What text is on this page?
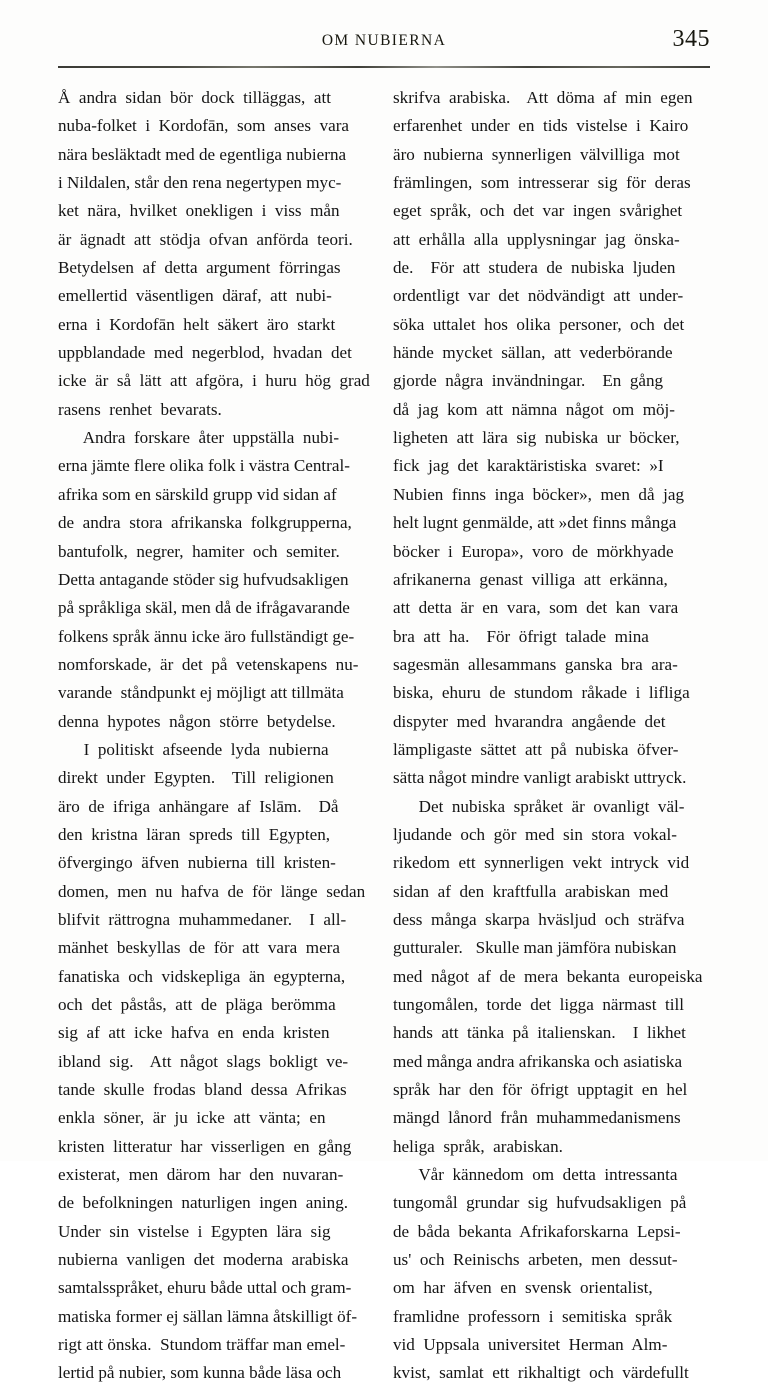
OM NUBIERNA	345
Å  andra  sidan  bör  dock  tilläggas,  att
nuba-folket  i  Kordofān,  som  anses  vara
nära besläktadt med de egentliga nubierna
i Nildalen, står den rena negertypen myc-
ket  nära,  hvilket  onekligen  i  viss  mån
är  ägnadt  att  stödja  ofvan  anförda  teori.
Betydelsen  af  detta  argument  förringas
emellertid  väsentligen  däraf,  att  nubi-
erna  i  Kordofān  helt  säkert  äro  starkt
uppblandade  med  negerblod,  hvadan  det
icke  är  så  lätt  att  afgöra,  i  huru  hög  grad
rasens  renhet  bevarats.
Andra  forskare  åter  uppställa  nubi-
erna jämte flere olika folk i västra Central-
afrika som en särskild grupp vid sidan af
de  andra  stora  afrikanska  folkgrupperna,
bantufolk,  negrer,  hamiter  och  semiter.
Detta antagande stöder sig hufvudsakligen
på språkliga skäl, men då de ifrågavarande
folkens språk ännu icke äro fullständigt ge-
nomforskade,  är  det  på  vetenskapens  nu-
varande  ståndpunkt ej möjligt att tillmäta
denna  hypotes  någon  större  betydelse.
I  politiskt  afseende  lyda  nubierna
direkt  under  Egypten.    Till  religionen
äro  de  ifriga  anhängare  af  Islām.    Då
den  kristna  läran  spreds  till  Egypten,
öfvergingo  äfven  nubierna  till  kristen-
domen,  men  nu  hafva  de  för  länge  sedan
blifvit  rättrogna  muhammedaner.    I  all-
mänhet  beskyllas  de  för  att  vara  mera
fanatiska  och  vidskepliga  än  egypterna,
och  det  påstås,  att  de  pläga  berömma
sig  af  att  icke  hafva  en  enda  kristen
ibland  sig.    Att  något  slags  bokligt  ve-
tande  skulle  frodas  bland  dessa  Afrikas
enkla  söner,  är  ju  icke  att  vänta;  en
kristen  litteratur  har  visserligen  en  gång
existerat,  men  därom  har  den  nuvaran-
de  befolkningen  naturligen  ingen  aning.
Under  sin  vistelse  i  Egypten  lära  sig
nubierna  vanligen  det  moderna  arabiska
samtalsspråket, ehuru både uttal och gram-
matiska former ej sällan lämna åtskilligt öf-
rigt att önska.  Stundom träffar man emel-
lertid på nubier, som kunna både läsa och
skrifva  arabiska.    Att  döma  af  min  egen
erfarenhet  under  en  tids  vistelse  i  Kairo
äro  nubierna  synnerligen  välvilliga  mot
främlingen,  som  intresserar  sig  för  deras
eget  språk,  och  det  var  ingen  svårighet
att  erhålla  alla  upplysningar  jag  önska-
de.    För  att  studera  de  nubiska  ljuden
ordentligt  var  det  nödvändigt  att  under-
söka  uttalet  hos  olika  personer,  och  det
hände  mycket  sällan,  att  vederbörande
gjorde  några  invändningar.    En  gång
då  jag  kom  att  nämna  något  om  möj-
ligheten  att  lära  sig  nubiska  ur  böcker,
fick  jag  det  karaktäristiska  svaret:  »I
Nubien  finns  inga  böcker»,  men  då  jag
helt lugnt genmälde, att »det finns många
böcker  i  Europa»,  voro  de  mörkhyade
afrikanerna  genast  villiga  att  erkänna,
att  detta  är  en  vara,  som  det  kan  vara
bra  att  ha.    För  öfrigt  talade  mina
sagesmän  allesammans  ganska  bra  ara-
biska,  ehuru  de  stundom  råkade  i  lifliga
dispyter  med  hvarandra  angående  det
lämpligaste  sättet  att  på  nubiska  öfver-
sätta något mindre vanligt arabiskt uttryck.
Det  nubiska  språket  är  ovanligt  väl-
ljudande  och  gör  med  sin  stora  vokal-
rikedom  ett  synnerligen  vekt  intryck  vid
sidan  af  den  kraftfulla  arabiskan  med
dess  många  skarpa  hväsljud  och  sträfva
gutturaler.   Skulle man jämföra nubiskan
med  något  af  de  mera  bekanta  europeiska
tungomålen,  torde  det  ligga  närmast  till
hands  att  tänka  på  italienskan.    I  likhet
med många andra afrikanska och asiatiska
språk  har  den  för  öfrigt  upptagit  en  hel
mängd  lånord  från  muhammedanismens
heliga  språk,  arabiskan.
Vår  kännedom  om  detta  intressanta
tungomål  grundar  sig  hufvudsakligen  på
de  båda  bekanta  Afrikaforskarna  Lepsi-
us'  och  Reinischs  arbeten,  men  dessut-
om  har  äfven  en  svensk  orientalist,
framlidne  professorn  i  semitiska  språk
vid  Uppsala  universitet  Herman  Alm-
kvist,  samlat  ett  rikhaltigt  och  värdefullt
